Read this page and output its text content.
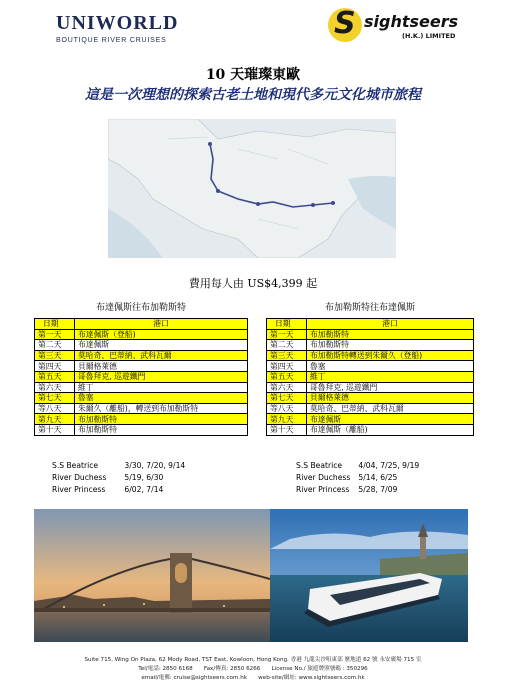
UNIWORLD
BOUTIQUE RIVER CRUISES	S sightseers
(H.K.) LIMITED
10 天璀璨東歐
這是一次理想的探索古老土地和現代多元文化城市旅程
費用每人由 US$4,399 起
布達佩斯往布加勒斯特	布加勒斯特往布達佩斯
日期	港口
第一天	布達佩斯（登船)
第二天	布達佩斯
第三天	莫哈奇、巴蒂納、武科瓦爾
第四天	貝爾格萊德
第五天	哥魯拜克, 巡遊鐵門
第六天	維丁
第七天	魯塞
等八天	朱爾久（離船)，轉送到布加勒斯特
第九天	布加勒斯特
第十天	布加勒斯特
日期	港口
第一天	布加勒斯特
第二天	布加勒斯特
第三天	布加勒斯特轉送到朱爾久（登船)
第四天	魯塞
第五天	維丁
第六天	哥魯拜克, 巡遊鐵門
第七天	貝爾格萊德
等八天	莫哈奇、巴蒂納、武科瓦爾
第九天	布達佩斯
第十天	布達佩斯（離船)
S.S Beatrice	3/30, 7/20, 9/14
River Duchess 5/19, 6/30
River Princess	6/02, 7/14
S.S Beatrice 4/04, 7/25, 9/19
River Duchess 5/14, 6/25
River Princess 5/28, 7/09
Suite 715, Wing On Plaza, 62 Mody Road, TST East, Kowloon, Hong Kong. 香港 九龍尖沙咀東部 麼地道 62 號 永安廣場 715 室
Tel/電話: 2850 6168　　Fax/傳真: 2850 6266　　License No./ 旅遊牌照號碼 : 350296
email/電郵: cruise@sightseers.com.hk　　web-site/網址: www.sightseers.com.hk
